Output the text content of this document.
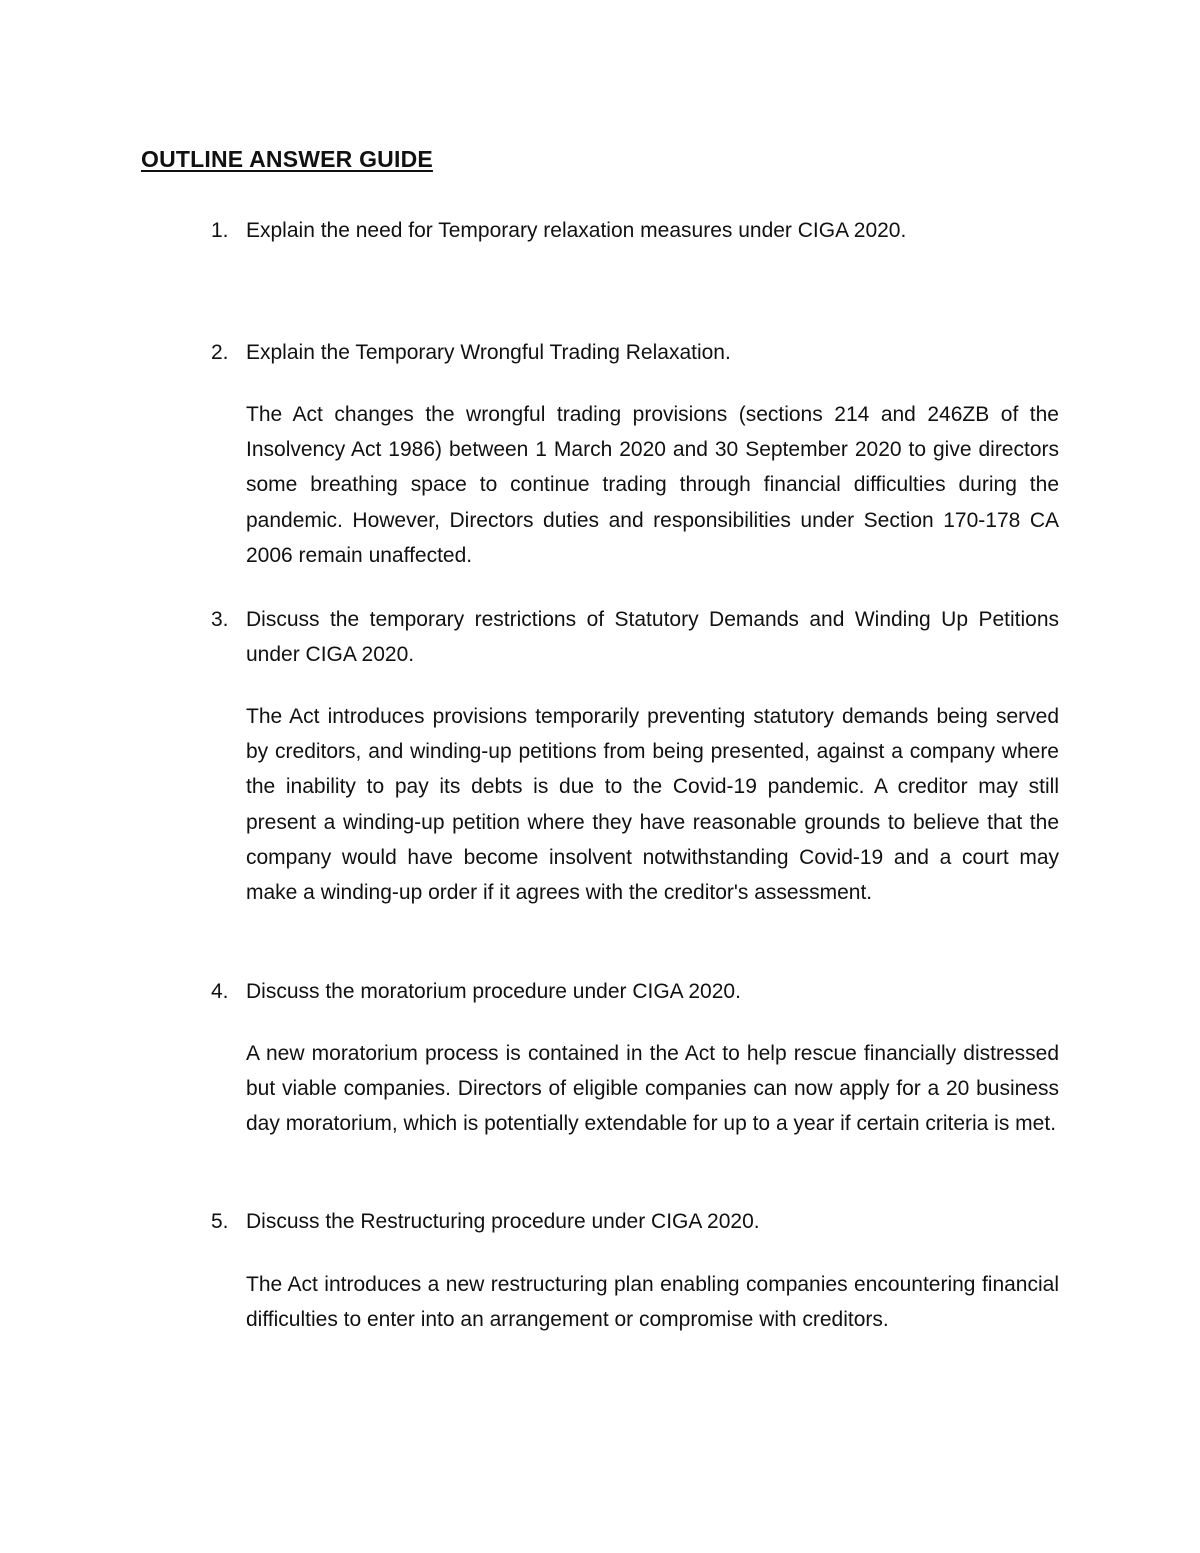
OUTLINE ANSWER GUIDE
1. Explain the need for Temporary relaxation measures under CIGA 2020.

2. Explain the Temporary Wrongful Trading Relaxation.

The Act changes the wrongful trading provisions (sections 214 and 246ZB of the Insolvency Act 1986) between 1 March 2020 and 30 September 2020 to give directors some breathing space to continue trading through financial difficulties during the pandemic. However, Directors duties and responsibilities under Section 170-178 CA 2006 remain unaffected.

3. Discuss the temporary restrictions of Statutory Demands and Winding Up Petitions under CIGA 2020.

The Act introduces provisions temporarily preventing statutory demands being served by creditors, and winding-up petitions from being presented, against a company where the inability to pay its debts is due to the Covid-19 pandemic. A creditor may still present a winding-up petition where they have reasonable grounds to believe that the company would have become insolvent notwithstanding Covid-19 and a court may make a winding-up order if it agrees with the creditor's assessment.

4. Discuss the moratorium procedure under CIGA 2020.

A new moratorium process is contained in the Act to help rescue financially distressed but viable companies. Directors of eligible companies can now apply for a 20 business day moratorium, which is potentially extendable for up to a year if certain criteria is met.

5. Discuss the Restructuring procedure under CIGA 2020.

The Act introduces a new restructuring plan enabling companies encountering financial difficulties to enter into an arrangement or compromise with creditors.
